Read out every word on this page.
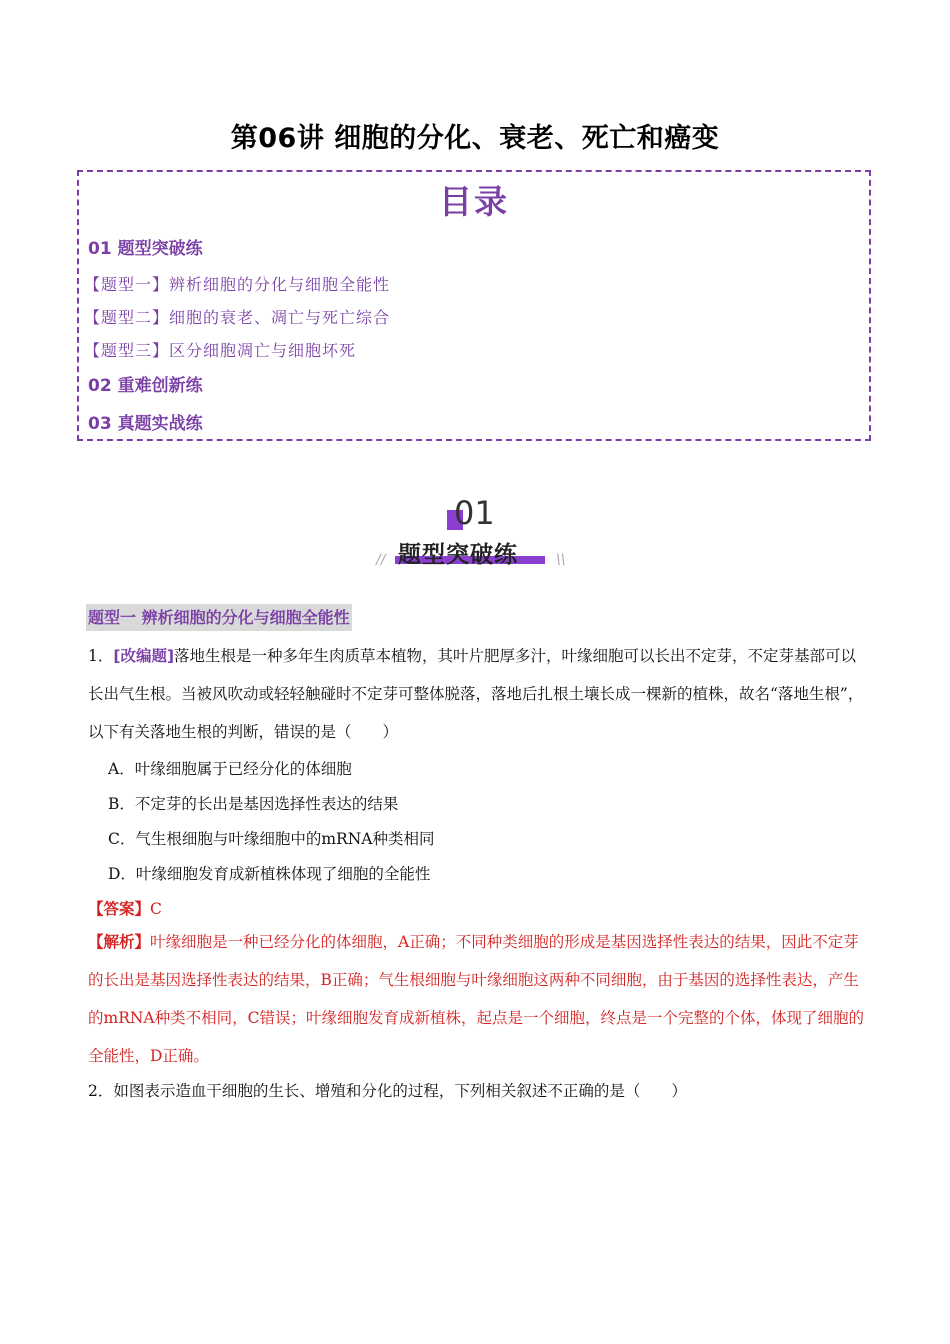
第06讲 细胞的分化、衰老、死亡和癌变
目录
01 题型突破练
【题型一】辨析细胞的分化与细胞全能性
【题型二】细胞的衰老、凋亡与死亡综合
【题型三】区分细胞凋亡与细胞坏死
02 重难创新练
03 真题实战练
01
题型突破练
//	\\
题型一 辨析细胞的分化与细胞全能性
1．[改编题]落地生根是一种多年生肉质草本植物，其叶片肥厚多汁，叶缘细胞可以长出不定芽，不定芽基部可以长出气生根。当被风吹动或轻轻触碰时不定芽可整体脱落，落地后扎根土壤长成一棵新的植株，故名“落地生根”，以下有关落地生根的判断，错误的是（　　）
A．叶缘细胞属于已经分化的体细胞
B．不定芽的长出是基因选择性表达的结果
C．气生根细胞与叶缘细胞中的mRNA种类相同
D．叶缘细胞发育成新植株体现了细胞的全能性
【答案】C
【解析】叶缘细胞是一种已经分化的体细胞，A正确；不同种类细胞的形成是基因选择性表达的结果，因此不定芽的长出是基因选择性表达的结果，B正确；气生根细胞与叶缘细胞这两种不同细胞，由于基因的选择性表达，产生的mRNA种类不相同，C错误；叶缘细胞发育成新植株，起点是一个细胞，终点是一个完整的个体，体现了细胞的全能性，D正确。
2．如图表示造血干细胞的生长、增殖和分化的过程，下列相关叙述不正确的是（　　）
